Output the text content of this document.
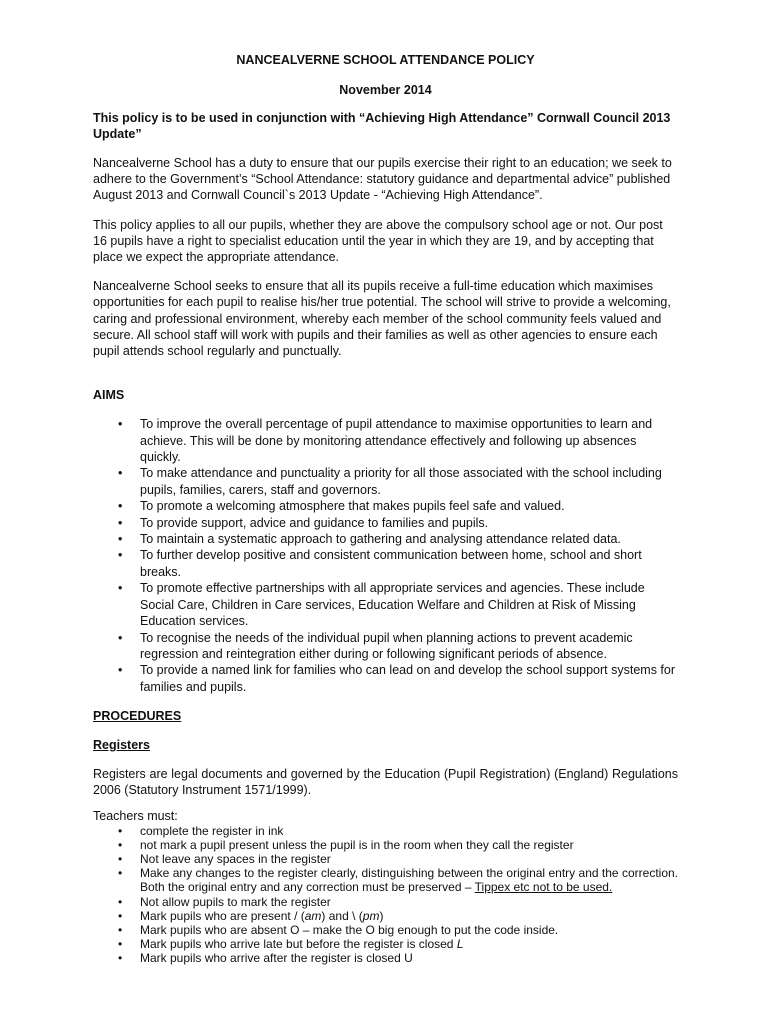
NANCEALVERNE SCHOOL ATTENDANCE POLICY

November 2014

This policy is to be used in conjunction with “Achieving High Attendance” Cornwall Council 2013 Update”

Nancealverne School has a duty to ensure that our pupils exercise their right to an education; we seek to adhere to the Government’s “School Attendance: statutory guidance and departmental advice” published August 2013 and Cornwall Council`s 2013 Update - “Achieving High Attendance”.

This policy applies to all our pupils, whether they are above the compulsory school age or not. Our post 16 pupils have a right to specialist education until the year in which they are 19, and by accepting that place we expect the appropriate attendance.

Nancealverne School seeks to ensure that all its pupils receive a full-time education which maximises opportunities for each pupil to realise his/her true potential. The school will strive to provide a welcoming, caring and professional environment, whereby each member of the school community feels valued and secure. All school staff will work with pupils and their families as well as other agencies to ensure each pupil attends school regularly and punctually.

AIMS

• To improve the overall percentage of pupil attendance to maximise opportunities to learn and achieve. This will be done by monitoring attendance effectively and following up absences quickly.
• To make attendance and punctuality a priority for all those associated with the school including pupils, families, carers, staff and governors.
• To promote a welcoming atmosphere that makes pupils feel safe and valued.
• To provide support, advice and guidance to families and pupils.
• To maintain a systematic approach to gathering and analysing attendance related data.
• To further develop positive and consistent communication between home, school and short breaks.
• To promote effective partnerships with all appropriate services and agencies. These include Social Care, Children in Care services, Education Welfare and Children at Risk of Missing Education services.
• To recognise the needs of the individual pupil when planning actions to prevent academic regression and reintegration either during or following significant periods of absence.
• To provide a named link for families who can lead on and develop the school support systems for families and pupils.

PROCEDURES

Registers

Registers are legal documents and governed by the Education (Pupil Registration) (England) Regulations 2006 (Statutory Instrument 1571/1999).

Teachers must:

• complete the register in ink
• not mark a pupil present unless the pupil is in the room when they call the register
• Not leave any spaces in the register
• Make any changes to the register clearly, distinguishing between the original entry and the correction. Both the original entry and any correction must be preserved – Tippex etc not to be used.
• Not allow pupils to mark the register
• Mark pupils who are present / (am) and \ (pm)
• Mark pupils who are absent O – make the O big enough to put the code inside.
• Mark pupils who arrive late but before the register is closed L
• Mark pupils who arrive after the register is closed U
